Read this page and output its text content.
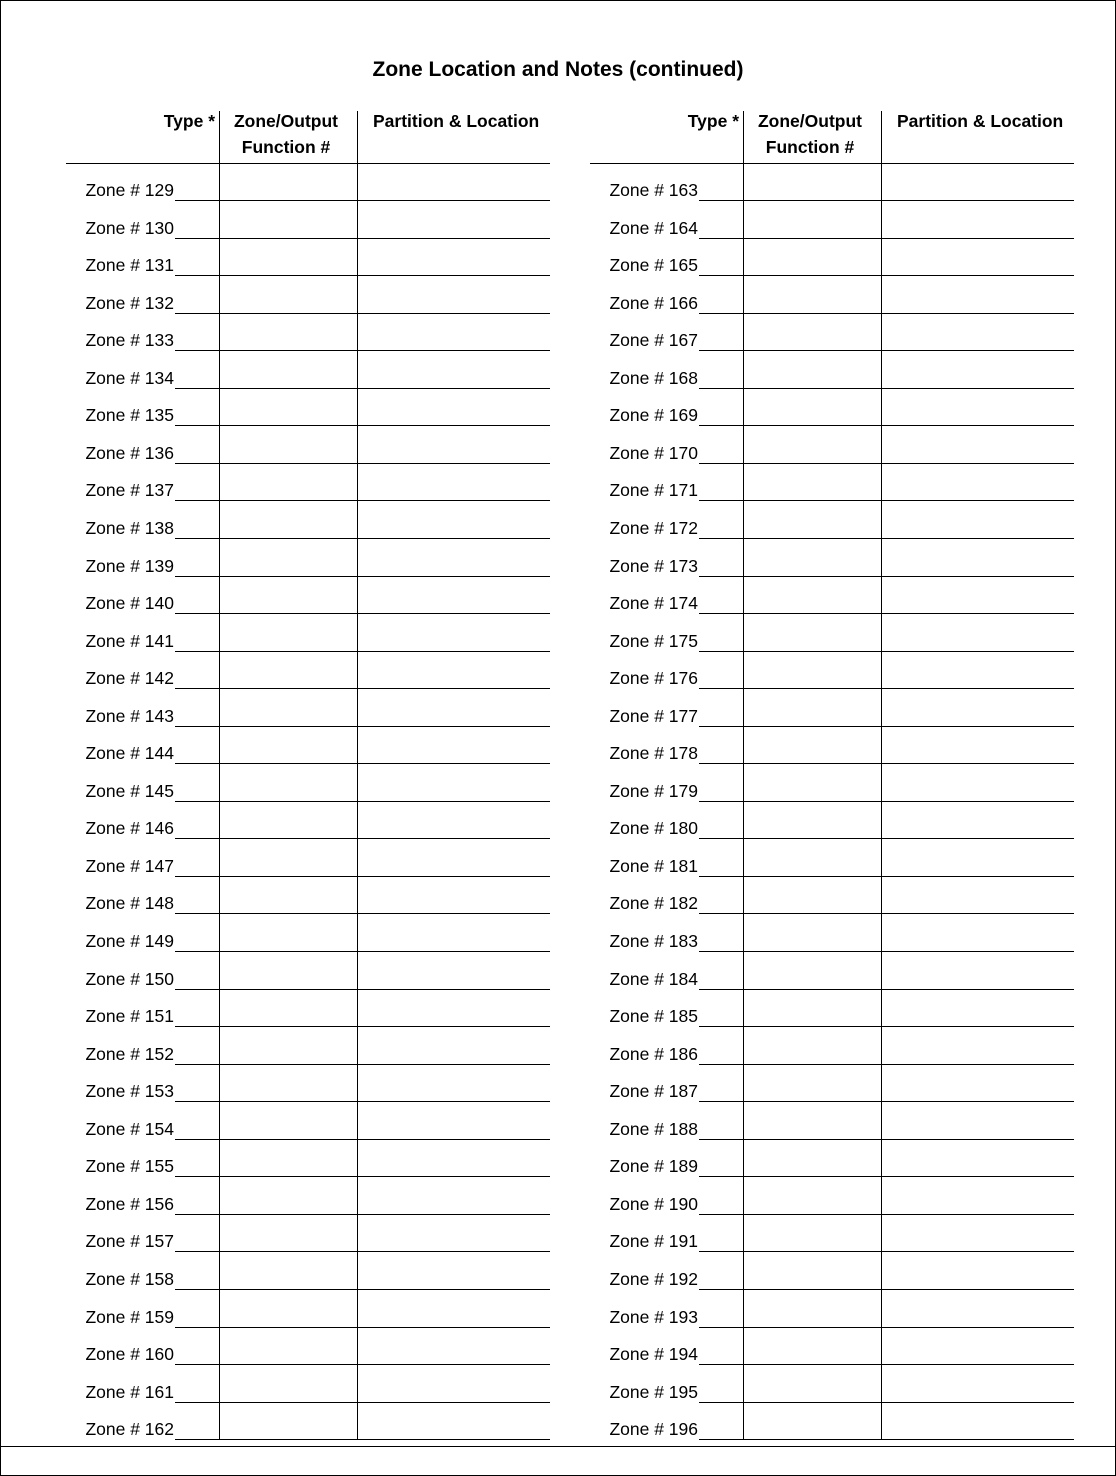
Zone Location and Notes (continued)
Type *	Zone/Output Function #
Partition & Location
Zone # 129
Zone # 130
Zone # 131
Zone # 132
Zone # 133
Zone # 134
Zone # 135
Zone # 136
Zone # 137
Zone # 138
Zone # 139
Zone # 140
Zone # 141
Zone # 142
Zone # 143
Zone # 144
Zone # 145
Zone # 146
Zone # 147
Zone # 148
Zone # 149
Zone # 150
Zone # 151
Zone # 152
Zone # 153
Zone # 154
Zone # 155
Zone # 156
Zone # 157
Zone # 158
Zone # 159
Zone # 160
Zone # 161
Zone # 162
Type *	Zone/Output Function #
Partition & Location
Zone # 163
Zone # 164
Zone # 165
Zone # 166
Zone # 167
Zone # 168
Zone # 169
Zone # 170
Zone # 171
Zone # 172
Zone # 173
Zone # 174
Zone # 175
Zone # 176
Zone # 177
Zone # 178
Zone # 179
Zone # 180
Zone # 181
Zone # 182
Zone # 183
Zone # 184
Zone # 185
Zone # 186
Zone # 187
Zone # 188
Zone # 189
Zone # 190
Zone # 191
Zone # 192
Zone # 193
Zone # 194
Zone # 195
Zone # 196
